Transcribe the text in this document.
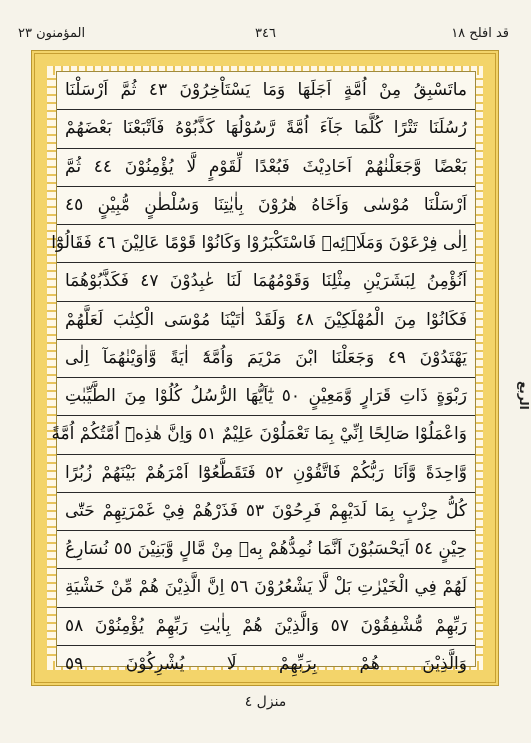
قد افلح ١٨
٣٤٦
المؤمنون ٢٣
ماتَسْبِقُ مِنْ اُمَّةٍ اَجَلَهَا وَمَا يَسْتَاْخِرُوْنَ ٤٣ ثُمَّ اَرْسَلْنَا
رُسُلَنَا تَتْرًا كُلَّمَا جَآءَ اُمَّةً رَّسُوْلُهَا كَذَّبُوْهُ فَاَتْبَعْنَا بَعْضَهُمْ
بَعْضًا وَّجَعَلْنٰهُمْ اَحَادِيْثَ فَبُعْدًا لِّقَوْمٍ لَّا يُؤْمِنُوْنَ ٤٤ ثُمَّ
اَرْسَلْنَا مُوْسٰى وَاَخَاهُ هٰرُوْنَ بِاٰيٰتِنَا وَسُلْطٰنٍ مُّبِيْنٍ ٤٥
اِلٰى فِرْعَوْنَ وَمَلَا۟ئِهٖ فَاسْتَكْبَرُوْا وَكَانُوْا قَوْمًا عَالِيْنَ ٤٦ فَقَالُوْٓا
اَنُؤْمِنُ لِبَشَرَيْنِ مِثْلِنَا وَقَوْمُهُمَا لَنَا عٰبِدُوْنَ ٤٧ فَكَذَّبُوْهُمَا
فَكَانُوْا مِنَ الْمُهْلَكِيْنَ ٤٨ وَلَقَدْ اٰتَيْنَا مُوْسَى الْكِتٰبَ لَعَلَّهُمْ
يَهْتَدُوْنَ ٤٩ وَجَعَلْنَا ابْنَ مَرْيَمَ وَاُمَّهٗٓ اٰيَةً وَّاٰوَيْنٰهُمَآ اِلٰى
رَبْوَةٍ ذَاتِ قَرَارٍ وَّمَعِيْنٍ ٥٠ يٰٓاَيُّهَا الرُّسُلُ كُلُوْا مِنَ الطَّيِّبٰتِ
وَاعْمَلُوْا صَالِحًا اِنِّيْ بِمَا تَعْمَلُوْنَ عَلِيْمٌ ٥١ وَاِنَّ هٰذِهٖٓ اُمَّتُكُمْ اُمَّةً
وَّاحِدَةً وَّاَنَا رَبُّكُمْ فَاتَّقُوْنِ ٥٢ فَتَقَطَّعُوْٓا اَمْرَهُمْ بَيْنَهُمْ زُبُرًا
كُلُّ حِزْبٍ بِمَا لَدَيْهِمْ فَرِحُوْنَ ٥٣ فَذَرْهُمْ فِيْ غَمْرَتِهِمْ حَتّٰى
حِيْنٍ ٥٤ اَيَحْسَبُوْنَ اَنَّمَا نُمِدُّهُمْ بِهٖ مِنْ مَّالٍ وَّبَنِيْنَ ٥٥ نُسَارِعُ
لَهُمْ فِي الْخَيْرٰتِ بَلْ لَّا يَشْعُرُوْنَ ٥٦ اِنَّ الَّذِيْنَ هُمْ مِّنْ خَشْيَةِ
رَبِّهِمْ مُّشْفِقُوْنَ ٥٧ وَالَّذِيْنَ هُمْ بِاٰيٰتِ رَبِّهِمْ يُؤْمِنُوْنَ ٥٨
وَالَّذِيْنَ هُمْ بِرَبِّهِمْ لَا يُشْرِكُوْنَ ٥٩
الربع
منزل ٤
